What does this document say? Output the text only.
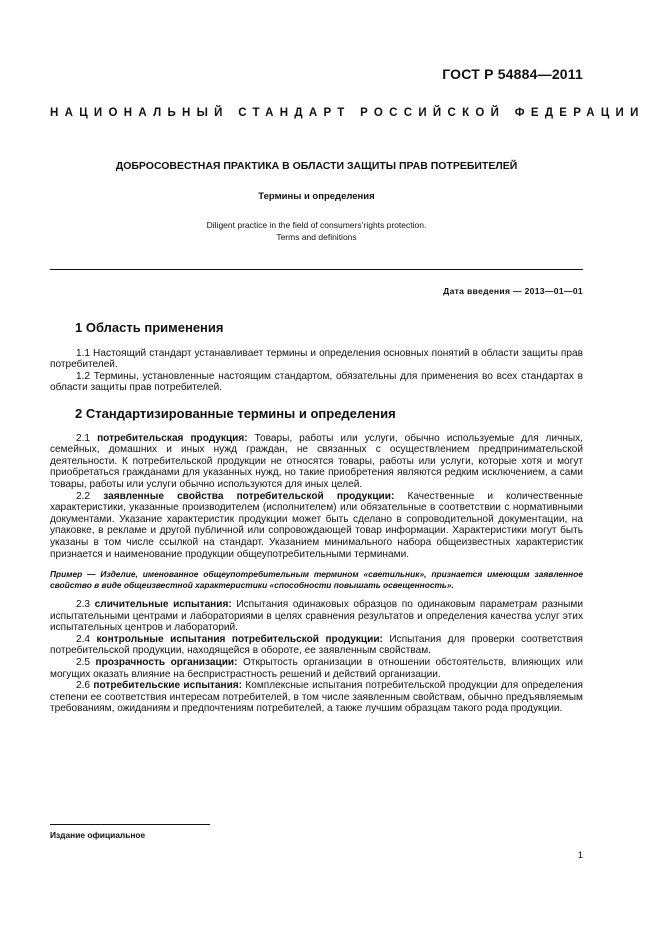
ГОСТ Р 54884—2011
НАЦИОНАЛЬНЫЙ СТАНДАРТ РОССИЙСКОЙ ФЕДЕРАЦИИ
ДОБРОСОВЕСТНАЯ ПРАКТИКА В ОБЛАСТИ ЗАЩИТЫ ПРАВ ПОТРЕБИТЕЛЕЙ
Термины и определения
Diligent practice in the field of consumers’rights protection.
Terms and definitions
Дата введения — 2013—01—01
1 Область применения

1.1 Настоящий стандарт устанавливает термины и определения основных понятий в области защиты прав потребителей.

1.2 Термины, установленные настоящим стандартом, обязательны для применения во всех стандартах в области защиты прав потребителей.

2 Стандартизированные термины и определения

2.1 потребительская продукция: Товары, работы или услуги, обычно используемые для личных, семейных, домашних и иных нужд граждан, не связанных с осуществлением предпринимательской деятельности. К потребительской продукции не относятся товары, работы или услуги, которые хотя и могут приобретаться гражданами для указанных нужд, но такие приобретения являются редким исключением, а сами товары, работы или услуги обычно используются для иных целей.

2.2 заявленные свойства потребительской продукции: Качественные и количественные характеристики, указанные производителем (исполнителем) или обязательные в соответствии с нормативными документами. Указание характеристик продукции может быть сделано в сопроводительной документации, на упаковке, в рекламе и другой публичной или сопровождающей товар информации. Характеристики могут быть указаны в том числе ссылкой на стандарт. Указанием минимального набора общеизвестных характеристик признается и наименование продукции общеупотребительными терминами.

Пример — Изделие, именованное общеупотребительным термином «светильник», признается имеющим заявленное свойство в виде общеизвестной характеристики «способности повышать освещенность».

2.3 сличительные испытания: Испытания одинаковых образцов по одинаковым параметрам разными испытательными центрами и лабораториями в целях сравнения результатов и определения качества услуг этих испытательных центров и лабораторий.

2.4 контрольные испытания потребительской продукции: Испытания для проверки соответствия потребительской продукции, находящейся в обороте, ее заявленным свойствам.

2.5 прозрачность организации: Открытость организации в отношении обстоятельств, влияющих или могущих оказать влияние на беспристрастность решений и действий организации.

2.6 потребительские испытания: Комплексные испытания потребительской продукции для определения степени ее соответствия интересам потребителей, в том числе заявленным свойствам, обычно предъявляемым требованиям, ожиданиям и предпочтениям потребителей, а также лучшим образцам такого рода продукции.

Издание официальное
1
